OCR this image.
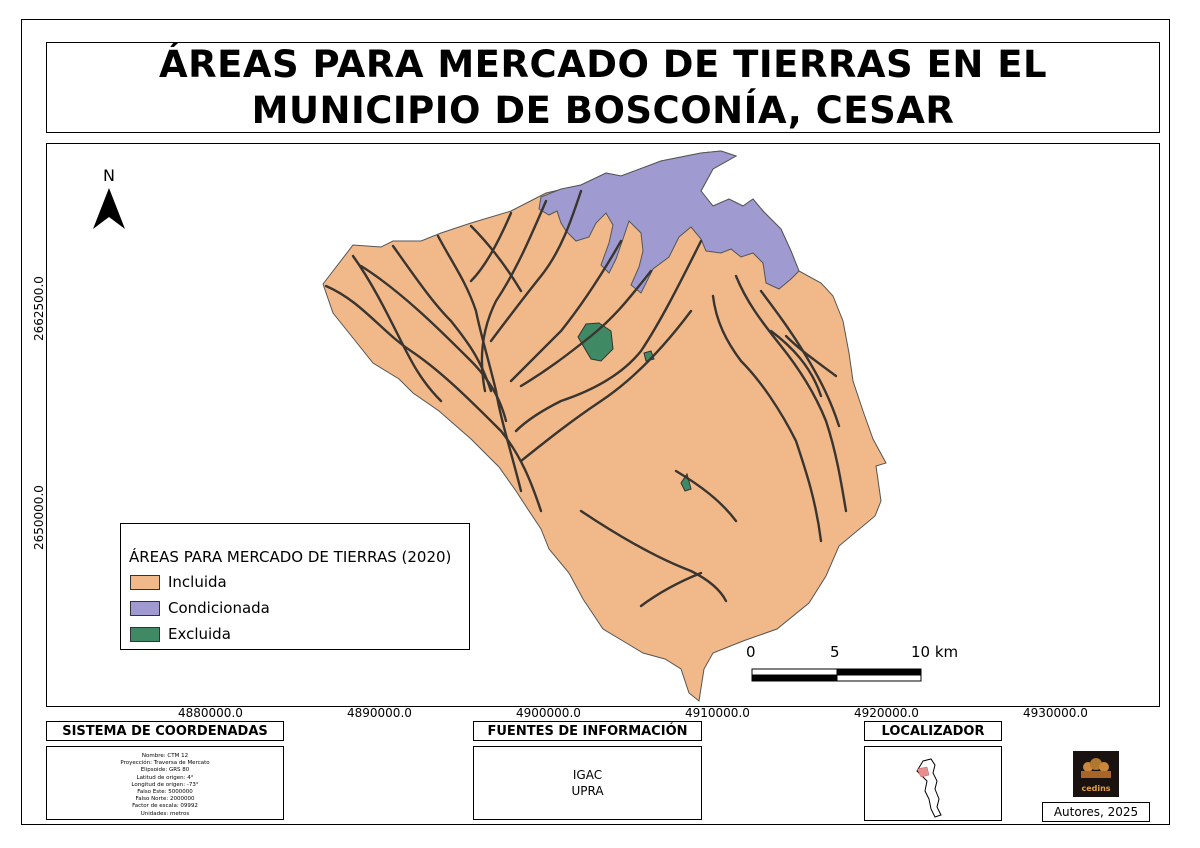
ÁREAS PARA MERCADO DE TIERRAS EN EL MUNICIPIO DE BOSCONÍA, CESAR
N
0	5	10 km
4880000.0	4890000.0	4900000.0	4910000.0	4920000.0	4930000.0
2662500.0
2650000.0
ÁREAS PARA MERCADO DE TIERRAS (2020)
Incluida
Condicionada
Excluida
SISTEMA DE COORDENADAS
Nombre: CTM 12
Proyección: Traversa de Mercato
Elipsoide: GRS 80
Latitud de origen: 4°
Longitud de origen: -73°
Falso Este: 5000000
Falso Norte: 2000000
Factor de escala: 09992
Unidades: metros
FUENTES DE INFORMACIÓN
IGAC
UPRA
LOCALIZADOR
cedins
Autores, 2025
